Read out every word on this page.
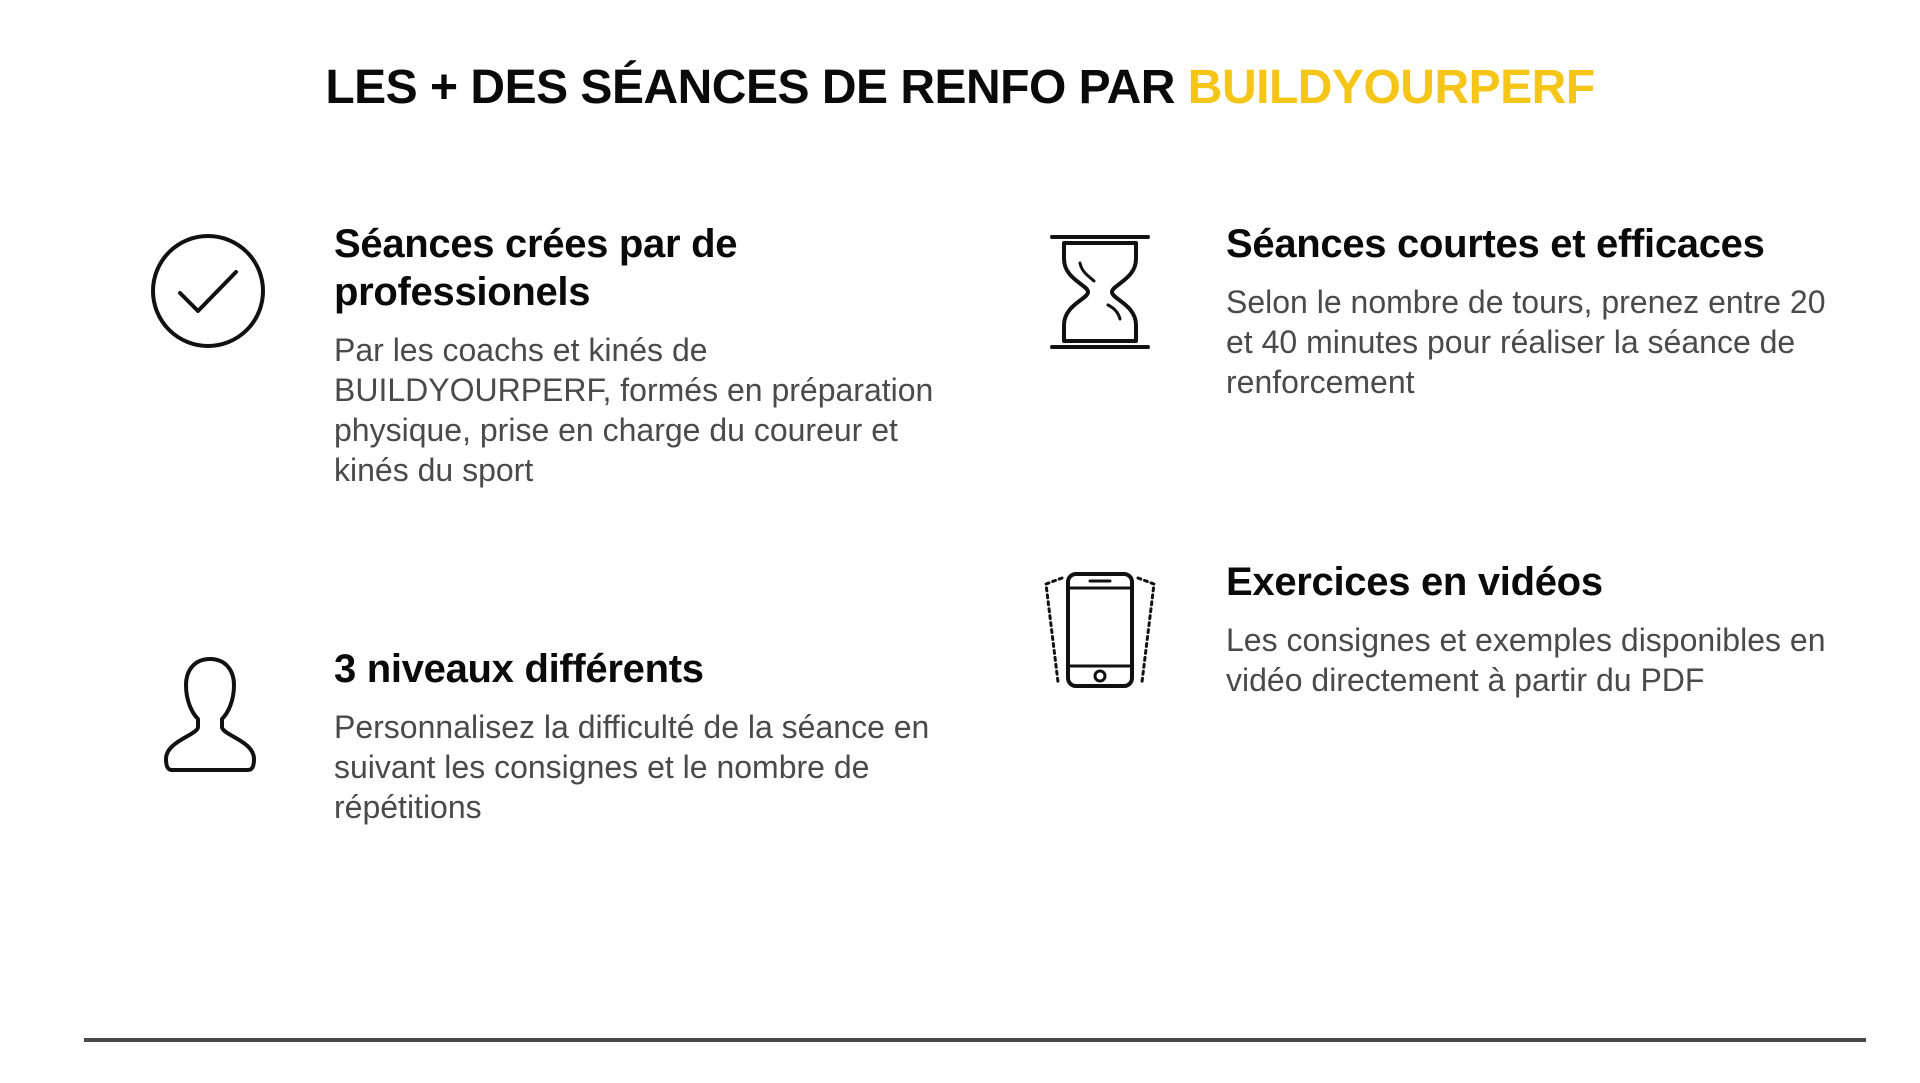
LES + DES SÉANCES DE RENFO PAR BUILDYOURPERF
Séances crées par de professionels

Par les coachs et kinés de BUILDYOURPERF, formés en préparation physique, prise en charge du coureur et kinés du sport

Séances courtes et efficaces

Selon le nombre de tours, prenez entre 20 et 40 minutes pour réaliser la séance de renforcement

3 niveaux différents

Personnalisez la difficulté de la séance en suivant les consignes et le nombre de répétitions

Exercices en vidéos

Les consignes et exemples disponibles en vidéo directement à partir du PDF
